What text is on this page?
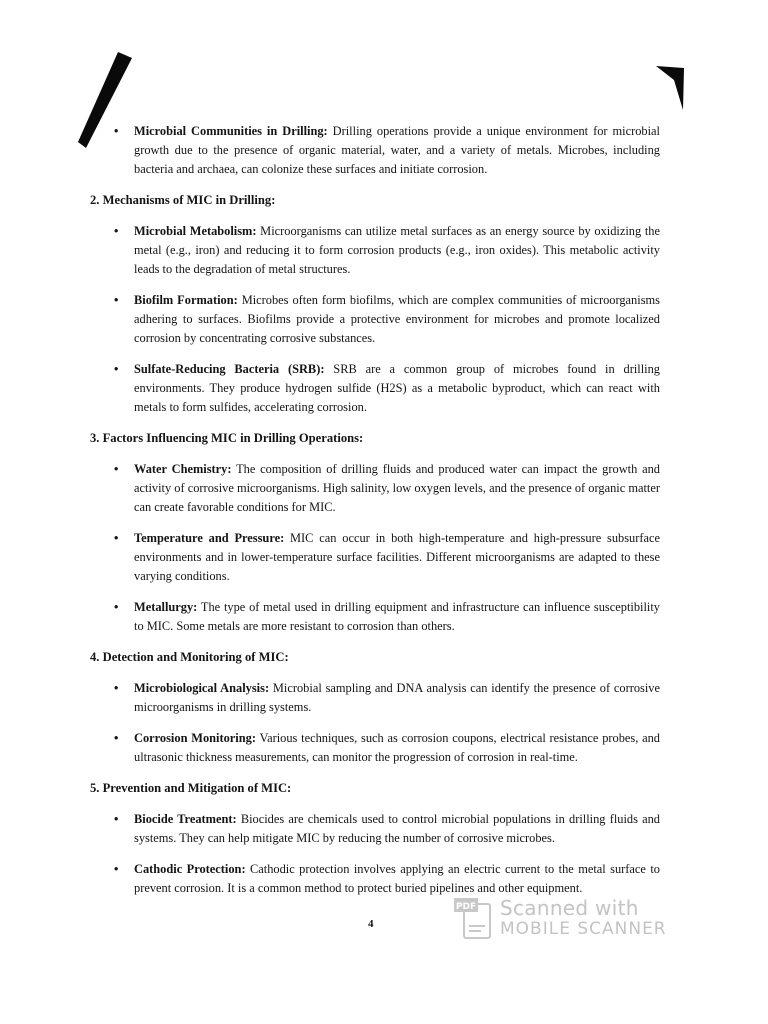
• Microbial Communities in Drilling: Drilling operations provide a unique environment for microbial growth due to the presence of organic material, water, and a variety of metals. Microbes, including bacteria and archaea, can colonize these surfaces and initiate corrosion.

2. Mechanisms of MIC in Drilling:

• Microbial Metabolism: Microorganisms can utilize metal surfaces as an energy source by oxidizing the metal (e.g., iron) and reducing it to form corrosion products (e.g., iron oxides). This metabolic activity leads to the degradation of metal structures.

• Biofilm Formation: Microbes often form biofilms, which are complex communities of microorganisms adhering to surfaces. Biofilms provide a protective environment for microbes and promote localized corrosion by concentrating corrosive substances.

• Sulfate-Reducing Bacteria (SRB): SRB are a common group of microbes found in drilling environments. They produce hydrogen sulfide (H2S) as a metabolic byproduct, which can react with metals to form sulfides, accelerating corrosion.

3. Factors Influencing MIC in Drilling Operations:

• Water Chemistry: The composition of drilling fluids and produced water can impact the growth and activity of corrosive microorganisms. High salinity, low oxygen levels, and the presence of organic matter can create favorable conditions for MIC.

• Temperature and Pressure: MIC can occur in both high-temperature and high-pressure subsurface environments and in lower-temperature surface facilities. Different microorganisms are adapted to these varying conditions.

• Metallurgy: The type of metal used in drilling equipment and infrastructure can influence susceptibility to MIC. Some metals are more resistant to corrosion than others.

4. Detection and Monitoring of MIC:

• Microbiological Analysis: Microbial sampling and DNA analysis can identify the presence of corrosive microorganisms in drilling systems.

• Corrosion Monitoring: Various techniques, such as corrosion coupons, electrical resistance probes, and ultrasonic thickness measurements, can monitor the progression of corrosion in real-time.

5. Prevention and Mitigation of MIC:

• Biocide Treatment: Biocides are chemicals used to control microbial populations in drilling fluids and systems. They can help mitigate MIC by reducing the number of corrosive microbes.

• Cathodic Protection: Cathodic protection involves applying an electric current to the metal surface to prevent corrosion. It is a common method to protect buried pipelines and other equipment.

4
PDF Scanned with
MOBILE SCANNER
